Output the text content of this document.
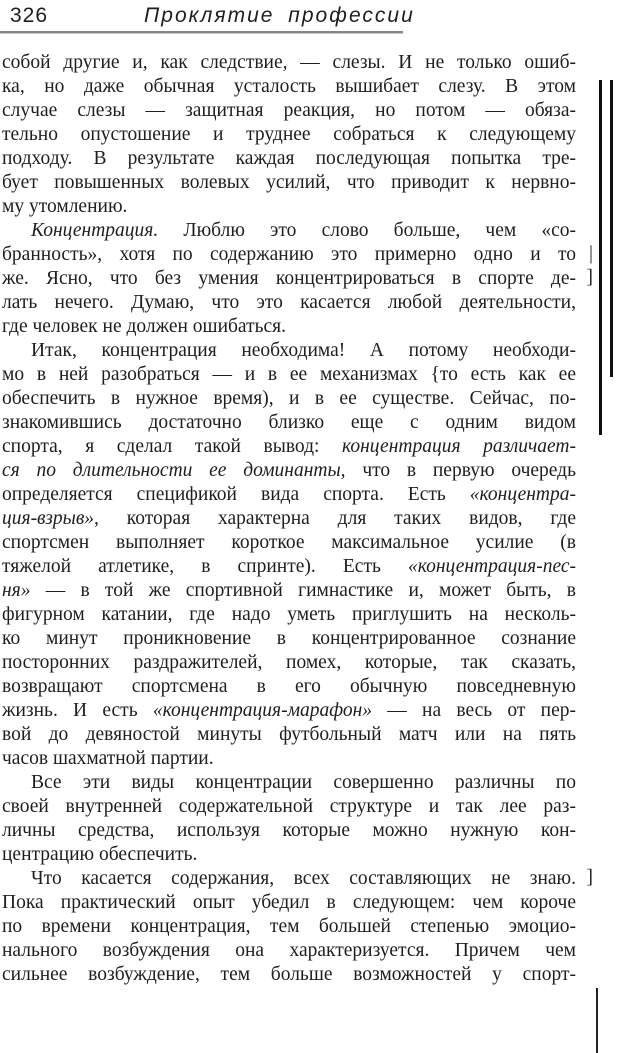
326	Проклятие профессии
собой другие и, как следствие, — слезы. И не только ошиб-
ка, но даже обычная усталость вышибает слезу. В этом
случае слезы — защитная реакция, но потом — обяза-
тельно опустошение и труднее собраться к следующему
подходу. В результате каждая последующая попытка тре-
бует повышенных волевых усилий, что приводит к нервно-
му утомлению.
Концентрация. Люблю это слово больше, чем «со-
бранность», хотя по содержанию это примерно одно и то |
же. Ясно, что без умения концентрироваться в спорте де- ]
лать нечего. Думаю, что это касается любой деятельности,
где человек не должен ошибаться.
Итак, концентрация необходима! А потому необходи-
мо в ней разобраться — и в ее механизмах {то есть как ее
обеспечить в нужное время), и в ее существе. Сейчас, по-
знакомившись достаточно близко еще с одним видом
спорта, я сделал такой вывод: концентрация различает-
ся по длительности ее доминанты, что в первую очередь
определяется спецификой вида спорта. Есть «концентра-
ция-взрыв», которая характерна для таких видов, где
спортсмен выполняет короткое максимальное усилие (в
тяжелой атлетике, в спринте). Есть «концентрация-пес-
ня» — в той же спортивной гимнастике и, может быть, в
фигурном катании, где надо уметь приглушить на несколь-
ко минут проникновение в концентрированное сознание
посторонних раздражителей, помех, которые, так сказать,
возвращают спортсмена в его обычную повседневную
жизнь. И есть «концентрация-марафон» — на весь от пер-
вой до девяностой минуты футбольный матч или на пять
часов шахматной партии.
Все эти виды концентрации совершенно различны по
своей внутренней содержательной структуре и так лее раз-
личны средства, используя которые можно нужную кон-
центрацию обеспечить.
Что касается содержания, всех составляющих не знаю. ]
Пока практический опыт убедил в следующем: чем короче
по времени концентрация, тем большей степенью эмоцио-
нального возбуждения она характеризуется. Причем чем
сильнее возбуждение, тем больше возможностей у спорт-
